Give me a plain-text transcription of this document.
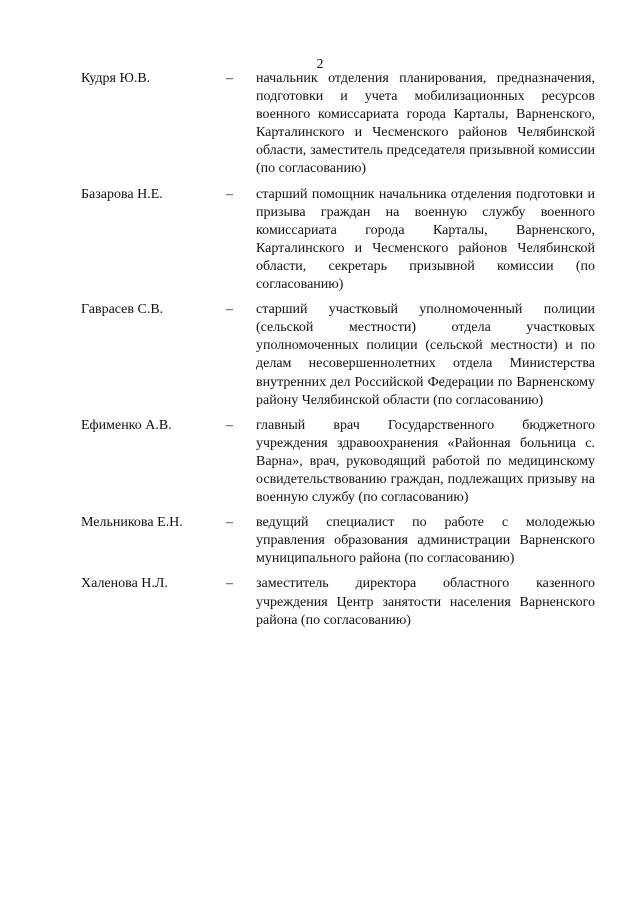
2
Кудря Ю.В.	– начальник отделения планирования, предназначения, подготовки и учета мобилизационных ресурсов военного комиссариата города Карталы, Варненского, Карталинского и Чесменского районов Челябинской области, заместитель председателя призывной комиссии (по согласованию)
Базарова Н.Е.	– старший помощник начальника отделения подготовки и призыва граждан на военную службу военного комиссариата города Карталы, Варненского, Карталинского и Чесменского районов Челябинской области, секретарь призывной комиссии (по согласованию)
Гаврасев С.В.	– старший участковый уполномоченный полиции (сельской местности) отдела участковых уполномоченных полиции (сельской местности) и по делам несовершеннолетних отдела Министерства внутренних дел Российской Федерации по Варненскому району Челябинской области (по согласованию)
Ефименко А.В.	– главный врач Государственного бюджетного учреждения здравоохранения «Районная больница с. Варна», врач, руководящий работой по медицинскому освидетельствованию граждан, подлежащих призыву на военную службу (по согласованию)
Мельникова Е.Н.	– ведущий специалист по работе с молодежью управления образования администрации Варненского муниципального района (по согласованию)
Халенова Н.Л.	– заместитель директора областного казенного учреждения Центр занятости населения Варненского района (по согласованию)
